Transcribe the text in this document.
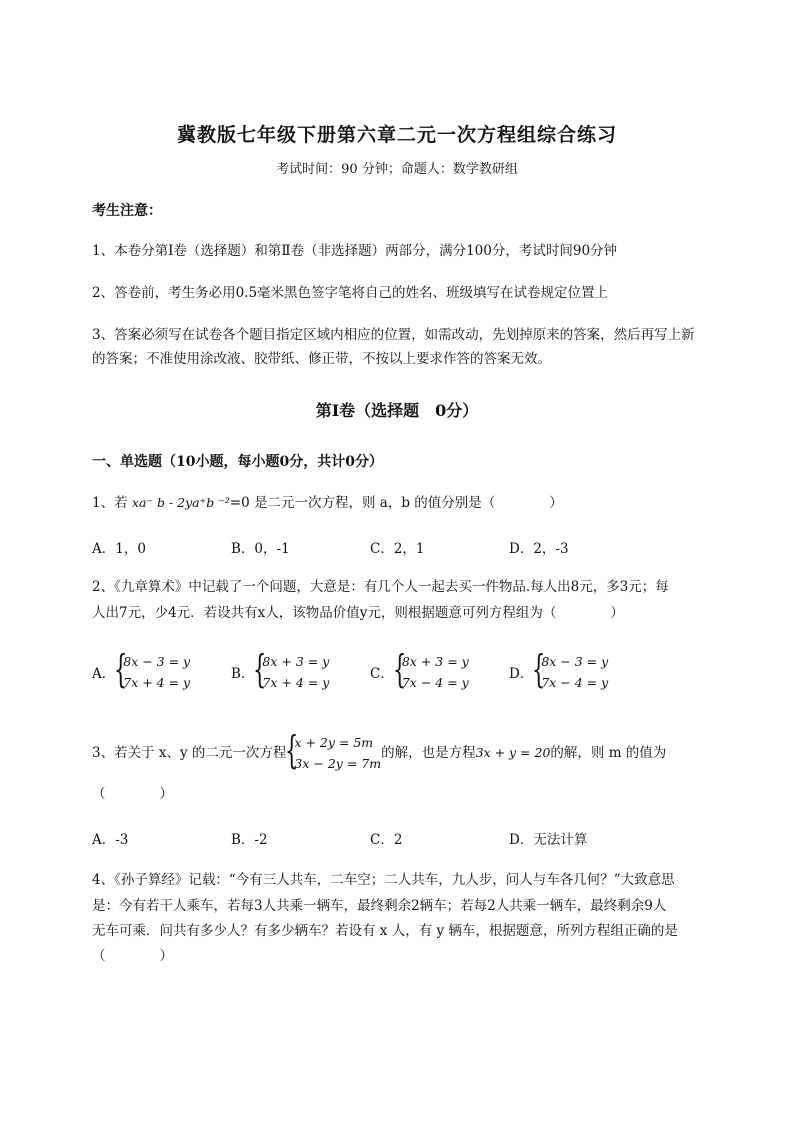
冀教版七年级下册第六章二元一次方程组综合练习
考试时间：90 分钟；命题人：数学教研组
考生注意：
1、本卷分第Ⅰ卷（选择题）和第Ⅱ卷（非选择题）两部分，满分100分，考试时间90分钟
2、答卷前，考生务必用0.5毫米黑色签字笔将自己的姓名、班级填写在试卷规定位置上
3、答案必须写在试卷各个题目指定区域内相应的位置，如需改动，先划掉原来的答案，然后再写上新的答案；不准使用涂改液、胶带纸、修正带，不按以上要求作答的答案无效。
第Ⅰ卷（选择题　0分）
一、单选题（10小题，每小题0分，共计0分）
1、若 xa⁻ b - 2ya⁺b ⁻²=0 是二元一次方程，则 a，b 的值分别是（　　　　）
A．1，0	B．0，-1	C．2，1	D．2，-3
2、《九章算术》中记载了一个问题，大意是：有几个人一起去买一件物品.每人出8元，多3元；每
人出7元，少4元．若设共有x人，该物品价值y元，则根据题意可列方程组为（　　　　）
A． {
8x − 3 = y
7x + 4 = y
B． {
8x + 3 = y
7x + 4 = y
C． {
8x + 3 = y
7x − 4 = y
D． {
8x − 3 = y
7x − 4 = y
3、若关于 x、y 的二元一次方程 {
x + 2y = 5m
3x − 2y = 7m
的解，也是方程3x + y = 20的解，则 m 的值为
（　　　　）
A．-3	B．-2	C．2	D．无法计算
4、《孙子算经》记载：“今有三人共车，二车空；二人共车，九人步，问人与车各几何？”大致意思
是：今有若干人乘车，若每3人共乘一辆车，最终剩余2辆车；若每2人共乘一辆车，最终剩余9人
无车可乘．问共有多少人？有多少辆车？若设有 x 人，有 y 辆车，根据题意，所列方程组正确的是
（　　　　）
